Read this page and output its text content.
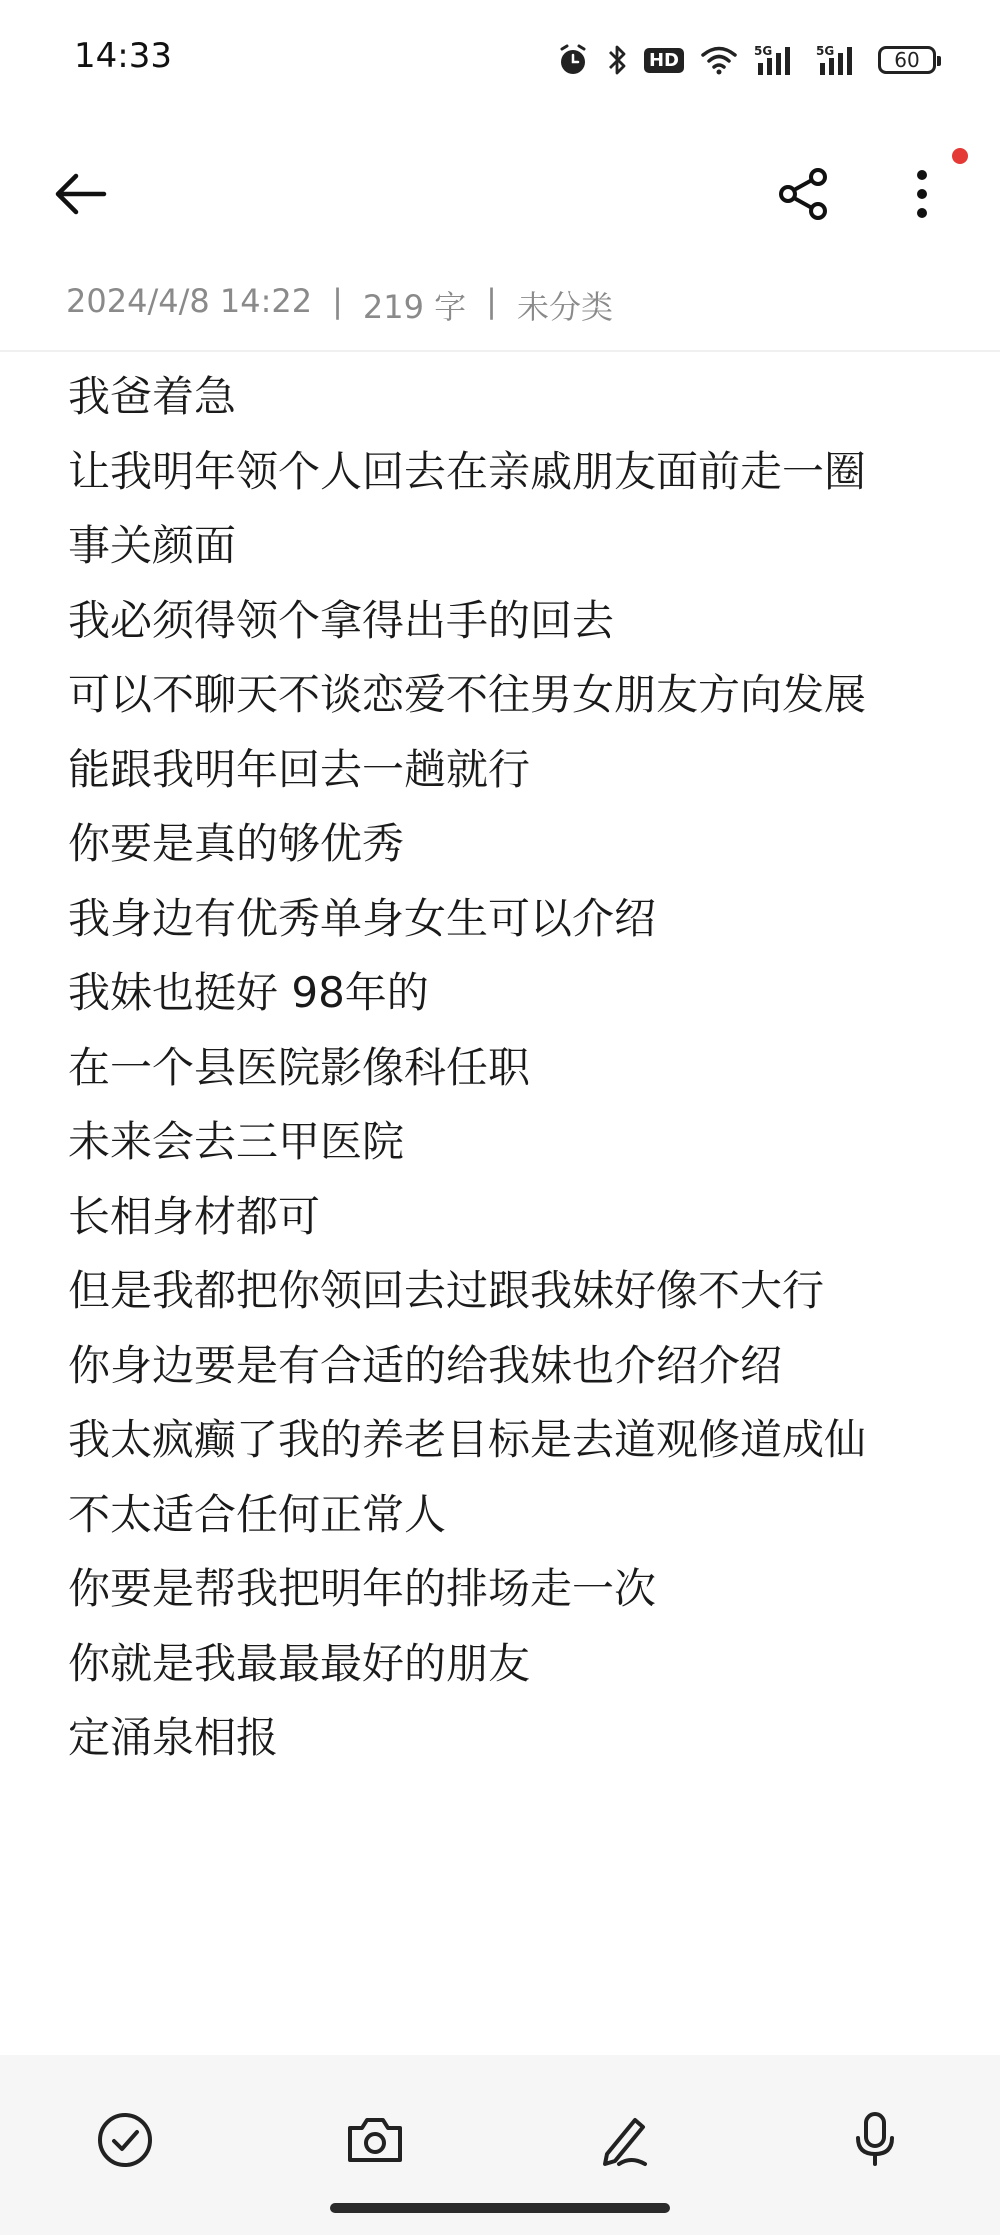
14:33	HD	5G	5G	60
2024/4/8 14:22 | 219 字 | 未分类
我爸着急
让我明年领个人回去在亲戚朋友面前走一圈
事关颜面
我必须得领个拿得出手的回去
可以不聊天不谈恋爱不往男女朋友方向发展
能跟我明年回去一趟就行
你要是真的够优秀
我身边有优秀单身女生可以介绍
我妹也挺好 98年的
在一个县医院影像科任职
未来会去三甲医院
长相身材都可
但是我都把你领回去过跟我妹好像不大行
你身边要是有合适的给我妹也介绍介绍
我太疯癫了我的养老目标是去道观修道成仙
不太适合任何正常人
你要是帮我把明年的排场走一次
你就是我最最最好的朋友
定涌泉相报
